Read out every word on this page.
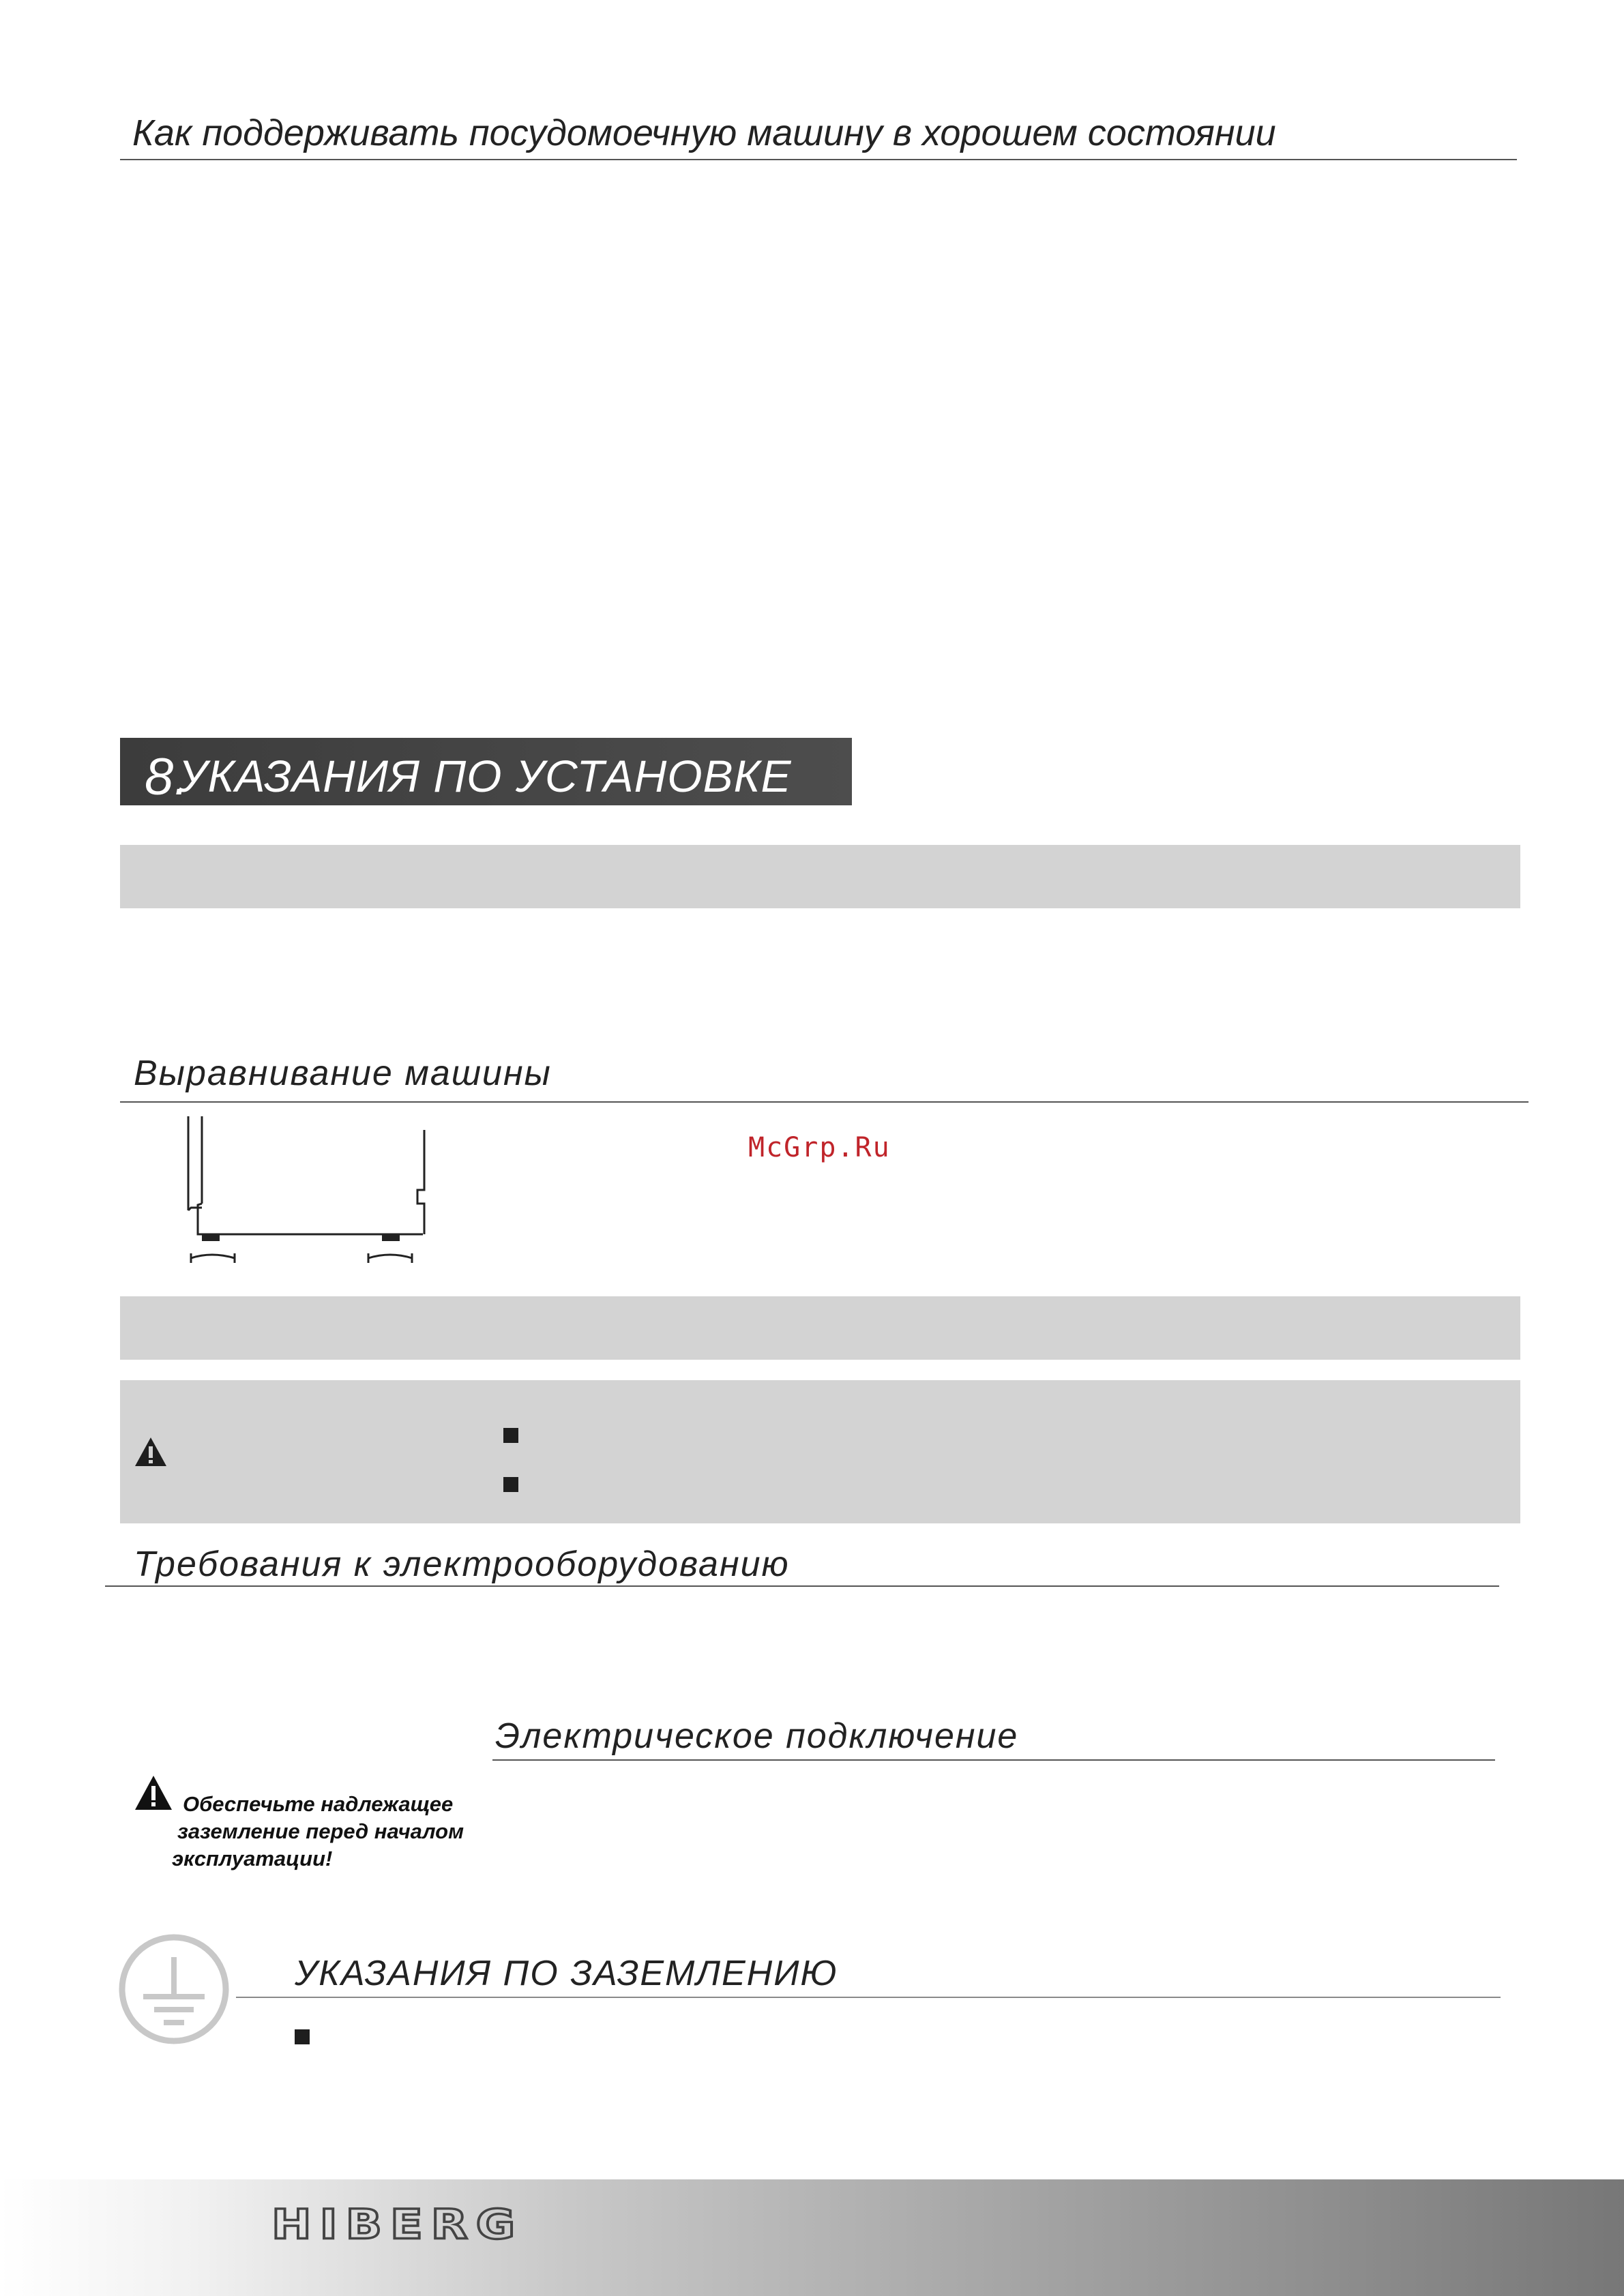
Как поддерживать посудомоечную машину в хорошем состоянии
8.УКАЗАНИЯ ПО УСТАНОВКЕ
Выравнивание машины
McGrp.Ru
Требования к электрооборудованию
Электрическое подключение
Обеспечьте надлежащее
заземление перед началом
эксплуатации!
УКАЗАНИЯ ПО ЗАЗЕМЛЕНИЮ
HIBERG
